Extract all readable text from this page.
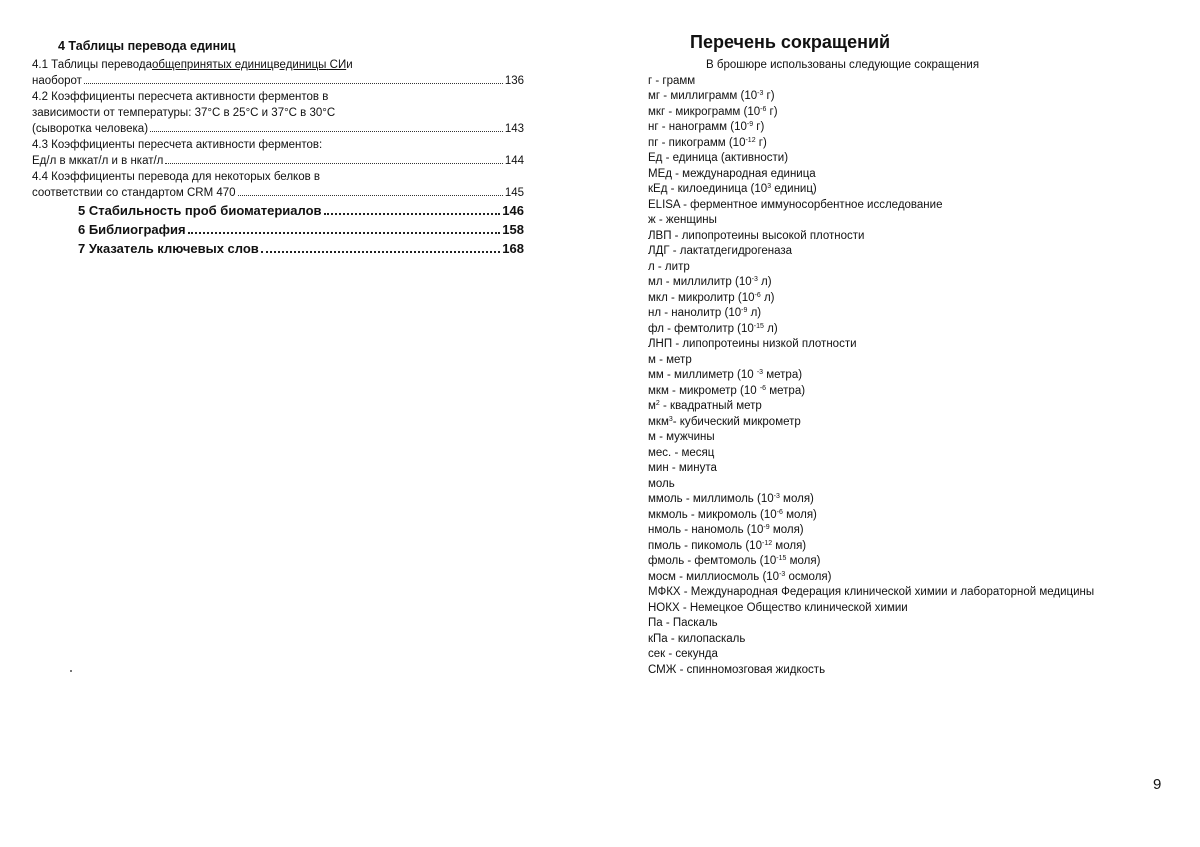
4 Таблицы перевода единиц
4.1 Таблицы перевода общепринятых единиц в единицы СИ и
наоборот	136
4.2 Коэффициенты пересчета активности ферментов в
зависимости от температуры: 37°С в 25°С и 37°С в 30°С
(сыворотка человека)	143
4.3 Коэффициенты пересчета активности ферментов:
Ед/л в мккат/л и в нкат/л	144
4.4 Коэффициенты перевода для некоторых белков в
соответствии со стандартом CRM 470	145
5 Стабильность проб биоматериалов	146
6 Библиография	158
7 Указатель ключевых слов	168
Перечень сокращений
В брошюре использованы следующие сокращения
г - грамм
мг - миллиграмм ($10^{-3}$ г)
мкг - микрограмм ($10^{-6}$ г)
нг - нанограмм ($10^{-9}$ г)
пг - пикограмм ($10^{-12}$ г)
Ед - единица (активности)
МЕд - международная единица
кЕд - килоединица ($10^3$ единиц)
ELISA - ферментное иммуносорбентное исследование
ж - женщины
ЛВП - липопротеины высокой плотности
ЛДГ - лактатдегидрогеназа
л - литр
мл - миллилитр ($10^{-3}$ л)
мкл - микролитр ($10^{-6}$ л)
нл - нанолитр ($10^{-9}$ л)
фл - фемтолитр ($10^{-15}$ л)
ЛНП - липопротеины низкой плотности
м - метр
мм - миллиметр (10 $^{-3}$ метра)
мкм - микрометр (10 $^{-6}$ метра)
$м^2$ - квадратный метр
мкм$^3$- кубический микрометр
м - мужчины
мес. - месяц
мин - минута
моль
ммоль - миллимоль ($10^{-3}$ моля)
мкмоль - микромоль ($10^{-6}$ моля)
нмоль - наномоль ($10^{-9}$ моля)
пмоль - пикомоль ($10^{-12}$ моля)
фмоль - фемтомоль ($10^{-15}$ моля)
мосм - миллиосмоль ($10^{-3}$ осмоля)
МФКХ - Международная Федерация клинической химии и лабораторной медицины
НОКХ - Немецкое Общество клинической химии
Па - Паскаль
кПа - килопаскаль
сек - секунда
СМЖ - спинномозговая жидкость
9
